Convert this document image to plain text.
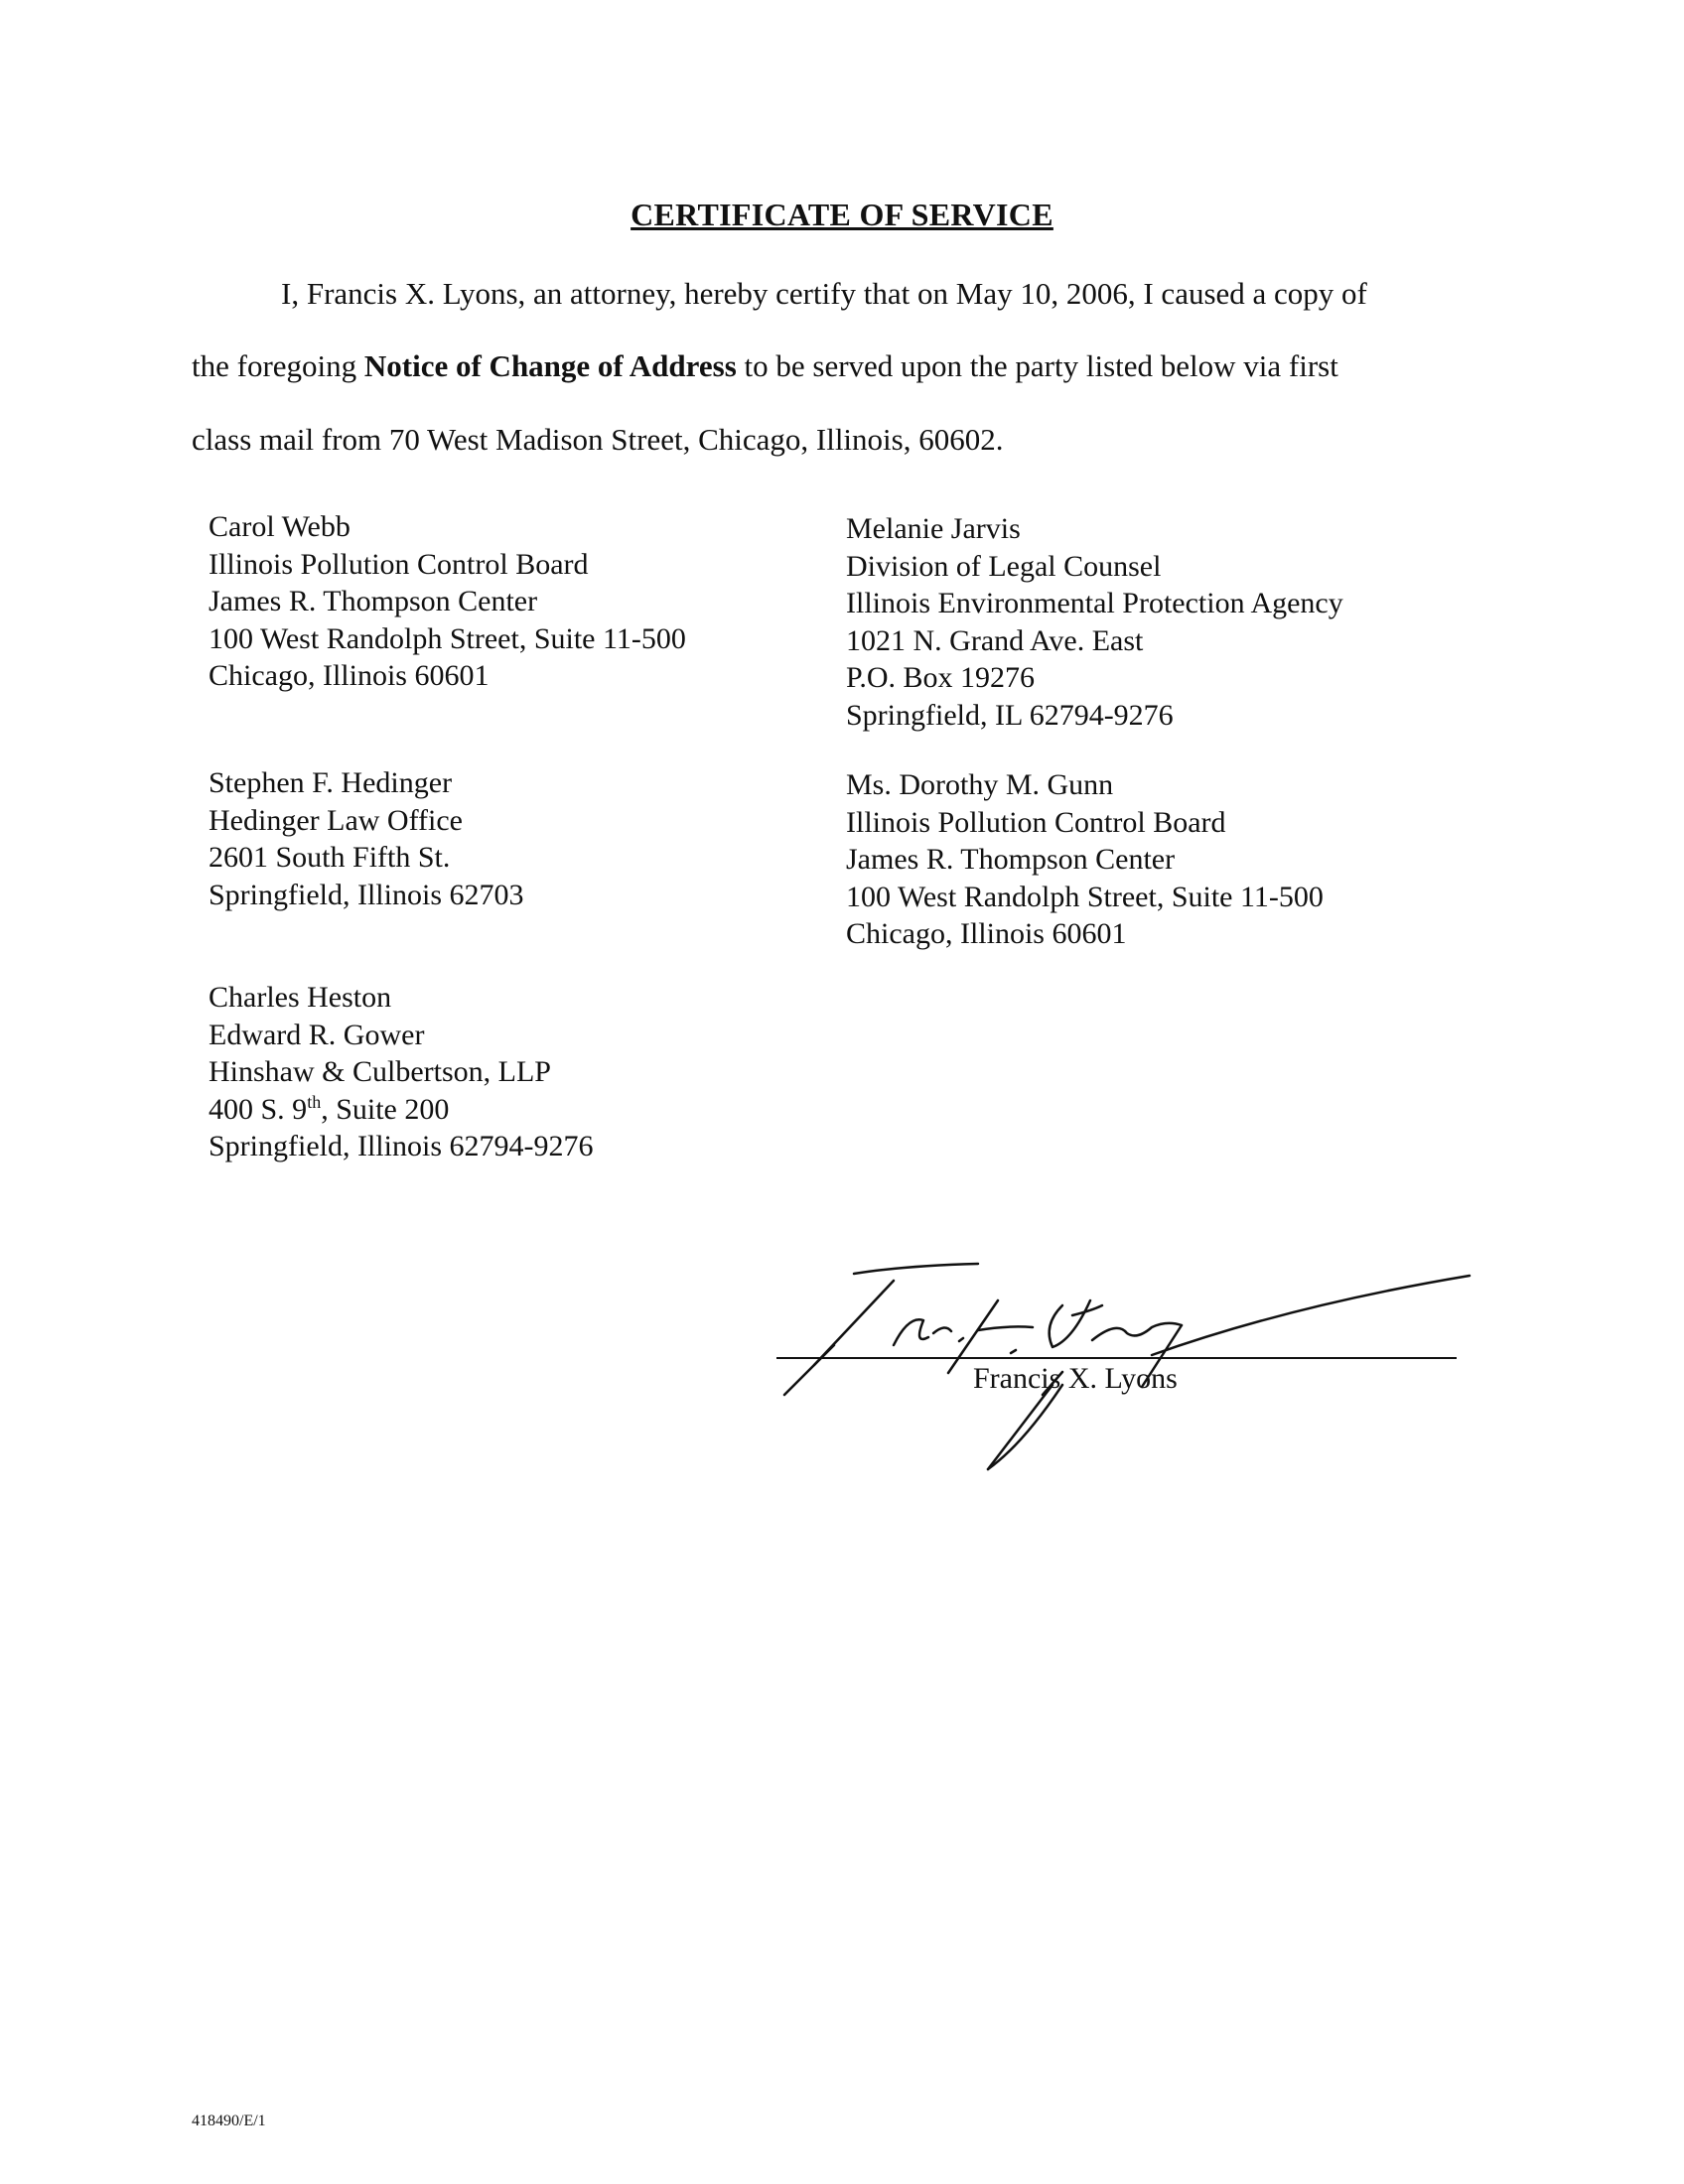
CERTIFICATE OF SERVICE
I, Francis X. Lyons, an attorney, hereby certify that on May 10, 2006, I caused a copy of
the foregoing Notice of Change of Address to be served upon the party listed below via first
class mail from 70 West Madison Street, Chicago, Illinois, 60602.
Carol Webb
Illinois Pollution Control Board
James R. Thompson Center
100 West Randolph Street, Suite 11-500
Chicago, Illinois 60601
Stephen F. Hedinger
Hedinger Law Office
2601 South Fifth St.
Springfield, Illinois 62703
Charles Heston
Edward R. Gower
Hinshaw & Culbertson, LLP
400 S. 9th, Suite 200
Springfield, Illinois 62794-9276
Melanie Jarvis
Division of Legal Counsel
Illinois Environmental Protection Agency
1021 N. Grand Ave. East
P.O. Box 19276
Springfield, IL 62794-9276
Ms. Dorothy M. Gunn
Illinois Pollution Control Board
James R. Thompson Center
100 West Randolph Street, Suite 11-500
Chicago, Illinois 60601
Francis X. Lyons
418490/E/1
